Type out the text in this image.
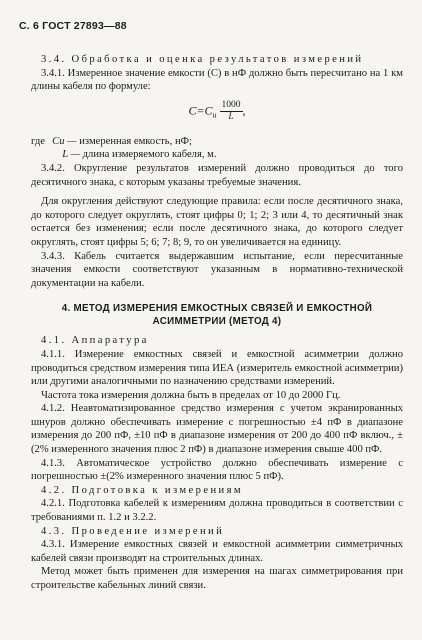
С. 6 ГОСТ 27893—88

3.4. Обработка и оценка результатов измерений

3.4.1. Измеренное значение емкости (С) в нФ должно быть пересчитано на 1 км длины кабеля по формуле:

$C=C_и \frac{1000}{L}$ ,

где Си — измеренная емкость, нФ;

L — длина измеряемого кабеля, м.

3.4.2. Округление результатов измерений должно проводиться до того десятичного знака, с которым указаны требуемые значения.

Для округления действуют следующие правила: если после десятичного знака, до которого следует округлять, стоят цифры 0; 1; 2; 3 или 4, то десятичный знак остается без изменения; если после десятичного знака, до которого следует округлять, стоят цифры 5; 6; 7; 8; 9, то он увеличивается на единицу.

3.4.3. Кабель считается выдержавшим испытание, если пересчитанные значения емкости соответствуют указанным в нормативно-технической документации на кабели.

4. МЕТОД ИЗМЕРЕНИЯ ЕМКОСТНЫХ СВЯЗЕЙ И ЕМКОСТНОЙ
АСИММЕТРИИ (МЕТОД 4)

4.1. Аппаратура

4.1.1. Измерение емкостных связей и емкостной асимметрии должно проводиться средством измерения типа ИЕА (измеритель емкостной асимметрии) или другими аналогичными по назначению средствами измерений.

Частота тока измерения должна быть в пределах от 10 до 2000 Гц.

4.1.2. Неавтоматизированное средство измерения с учетом экранированных шнуров должно обеспечивать измерение с погрешностью ±4 пФ в диапазоне измерения до 200 пФ, ±10 пФ в диапазоне измерения от 200 до 400 пФ включ., ±(2% измеренного значения плюс 2 пФ) в диапазоне измерения свыше 400 пФ.

4.1.3. Автоматическое устройство должно обеспечивать измерение с погрешностью ±(2% измеренного значения плюс 5 пФ).

4.2. Подготовка к измерениям

4.2.1. Подготовка кабелей к измерениям должна проводиться в соответствии с требованиями п. 1.2 и 3.2.2.

4.3. Проведение измерений

4.3.1. Измерение емкостных связей и емкостной асимметрии симметричных кабелей связи производят на строительных длинах.

Метод может быть применен для измерения на шагах симметрирования при строительстве кабельных линий связи.
